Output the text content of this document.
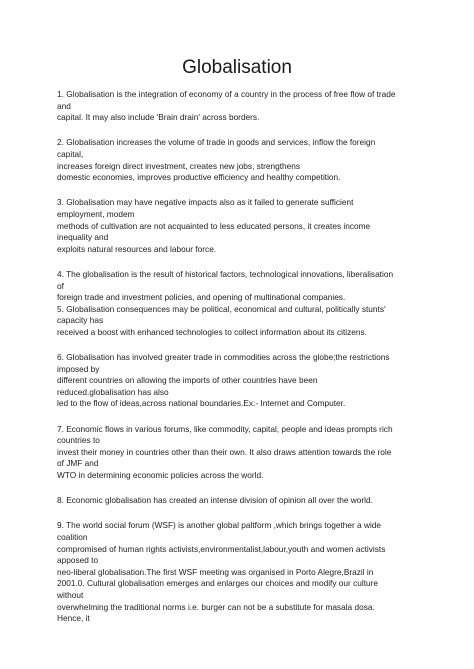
Globalisation
1. Globalisation is the integration of economy of a country in the process of free flow of trade
and
capital. It may also include 'Brain drain' across borders.
2. Globalisation increases the volume of trade in goods and services, inflow the foreign
capital,
increases foreign direct investment, creates new jobs, strengthens
domestic economies, improves productive efficiency and healthy competition.
3. Globalisation may have negative impacts also as it failed to generate sufficient
employment, modem
methods of cultivation are not acquainted to less educated persons, it creates income
inequality and
exploits natural resources and labour force.
4. The globalisation is the result of historical factors, technological innovations, liberalisation
of
foreign trade and investment policies, and opening of multinational companies.
5. Globalisation consequences may be political, economical and cultural, politically stunts'
capacity has
received a boost with enhanced technologies to collect information about its citizens.
6. Globalisation has involved greater trade in commodities across the globe;the restrictions
imposed by
different countries on allowing the imports of other countries have been
reduced.globalisation has also
led to the flow of ideas,across national boundaries.Ex:- Internet and Computer.
7. Economic flows in various forums, like commodity, capital, people and ideas prompts rich
countries to
invest their money in countries other than their own. It also draws attention towards the role
of JMF and
WTO in determining economic policies across the world.
8. Economic globalisation has created an intense division of opinion all over the world.
9. The world social forum (WSF) is another global paltform ,which brings together a wide
coalition
compromised of human rights activists,environmentalist,labour,youth and women activists
apposed to
neo-liberal globalisation.The first WSF meeting was organised in Porto Alegre,Brazil in
2001.0. Cultural globalisation emerges and enlarges our choices and modify our culture
without
overwhelming the traditional norms i.e. burger can not be a substitute for masala dosa.
Hence, it
